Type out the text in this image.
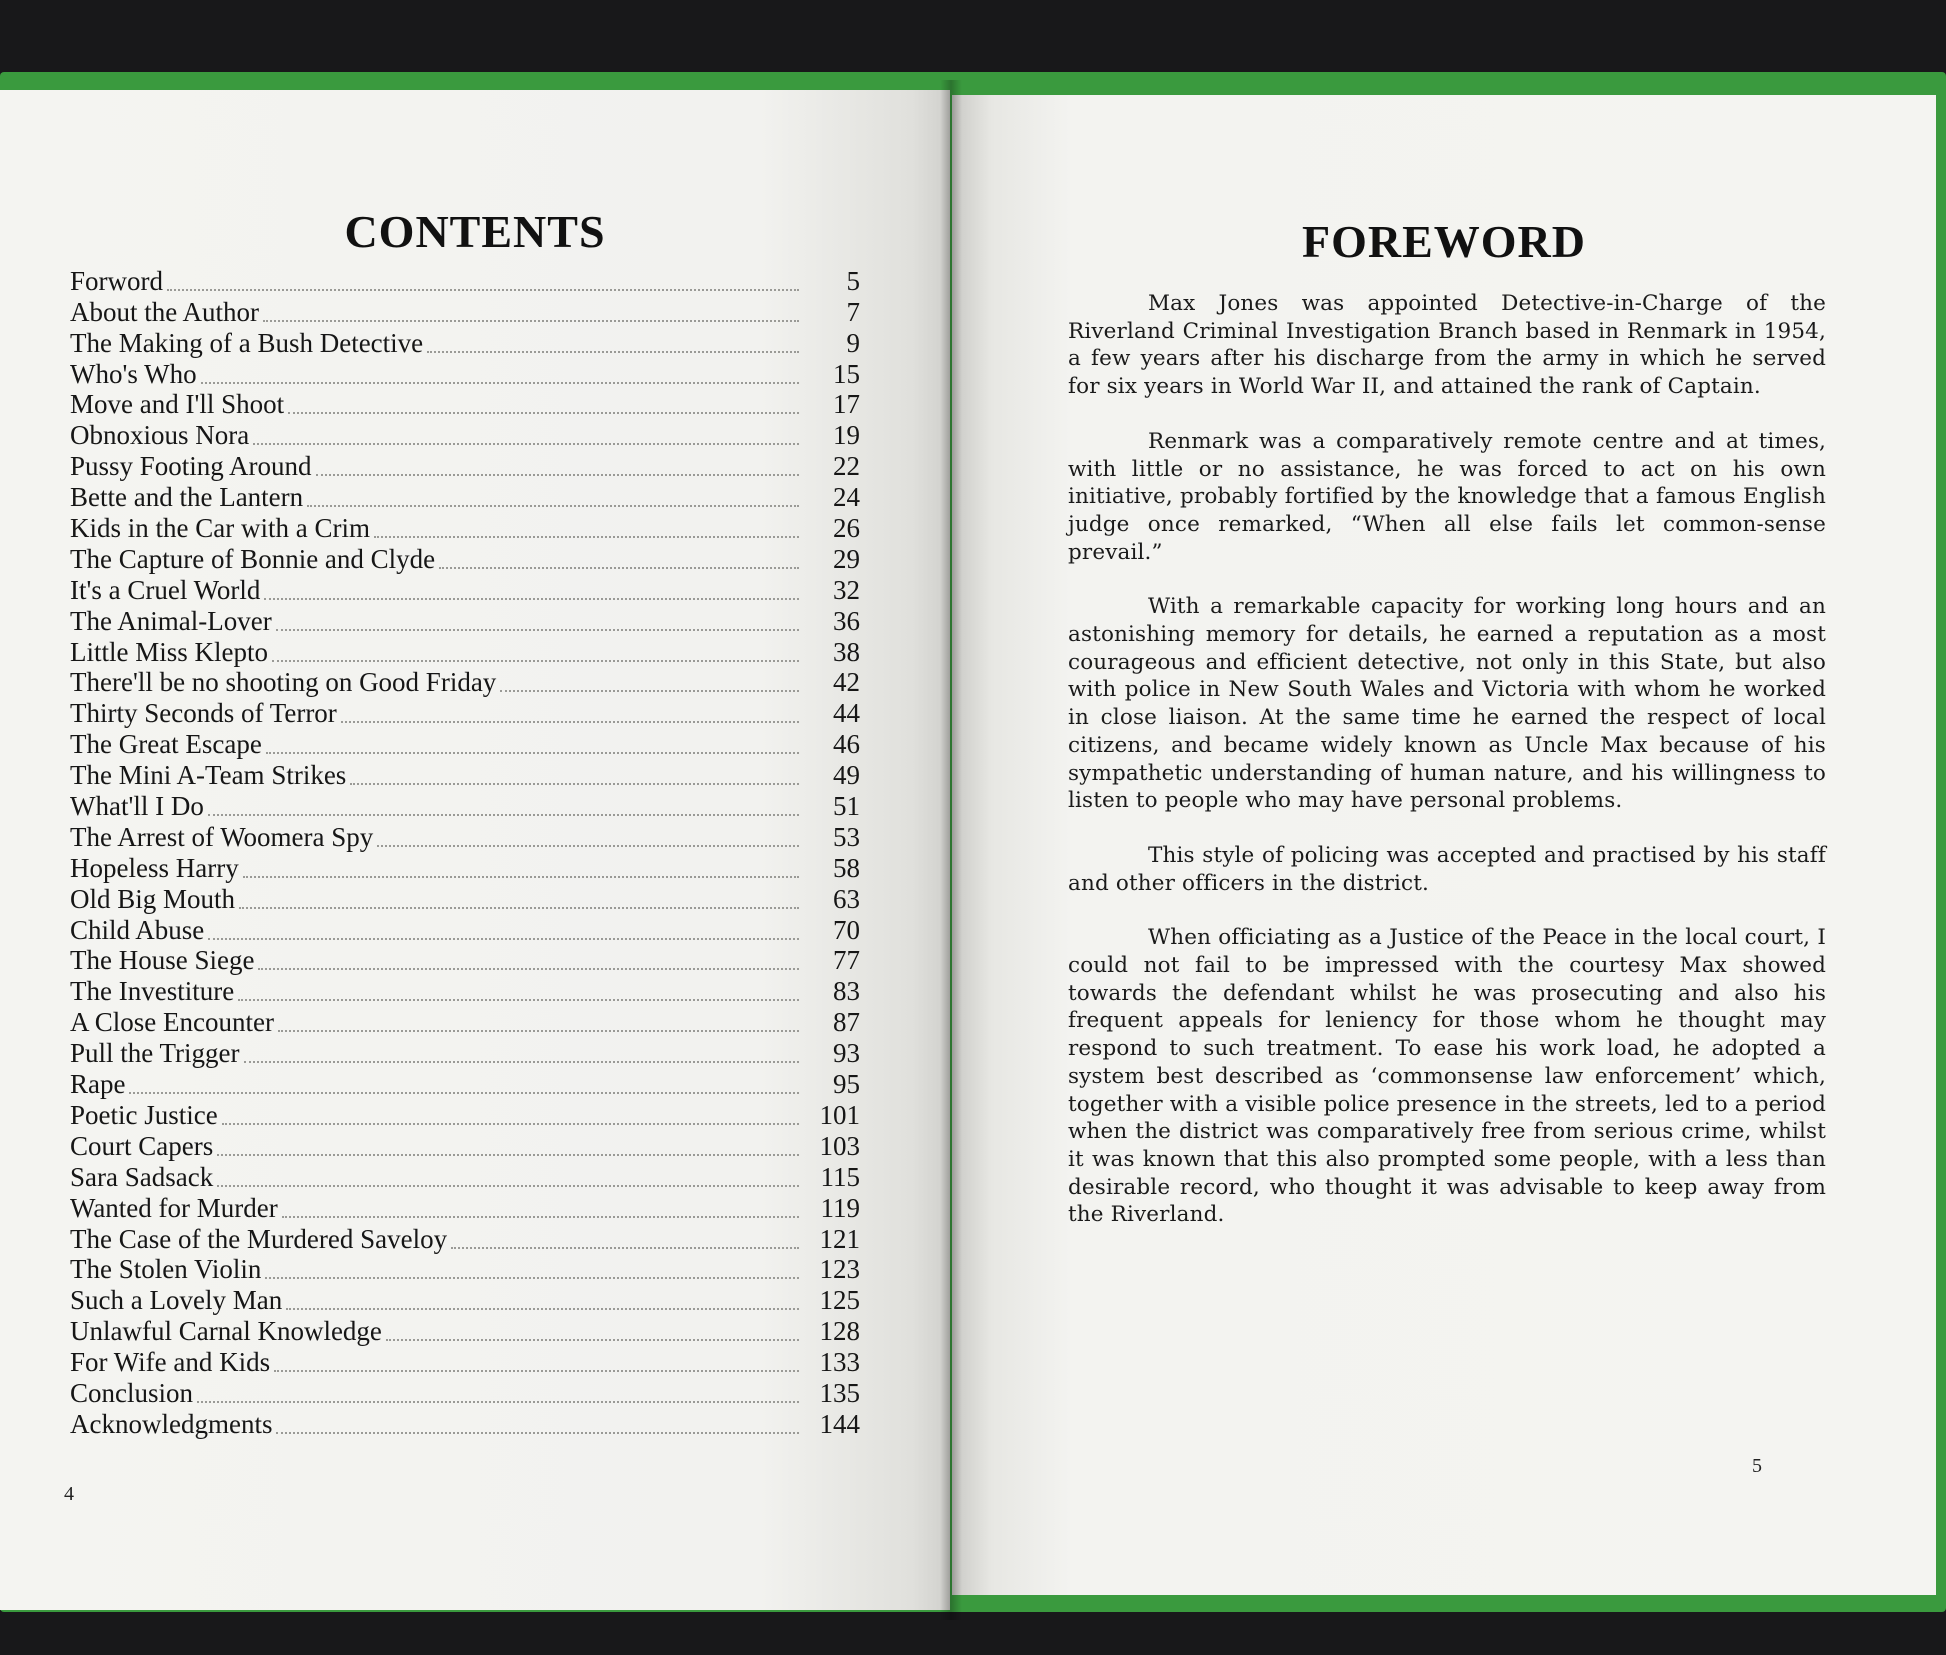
CONTENTS
Forword	5
About the Author	7
The Making of a Bush Detective	9
Who's Who	15
Move and I'll Shoot	17
Obnoxious Nora	19
Pussy Footing Around	22
Bette and the Lantern	24
Kids in the Car with a Crim	26
The Capture of Bonnie and Clyde	29
It's a Cruel World	32
The Animal-Lover	36
Little Miss Klepto	38
There'll be no shooting on Good Friday	42
Thirty Seconds of Terror	44
The Great Escape	46
The Mini A-Team Strikes	49
What'll I Do	51
The Arrest of Woomera Spy	53
Hopeless Harry	58
Old Big Mouth	63
Child Abuse	70
The House Siege	77
The Investiture	83
A Close Encounter	87
Pull the Trigger	93
Rape	95
Poetic Justice	101
Court Capers	103
Sara Sadsack	115
Wanted for Murder	119
The Case of the Murdered Saveloy	121
The Stolen Violin	123
Such a Lovely Man	125
Unlawful Carnal Knowledge	128
For Wife and Kids	133
Conclusion	135
Acknowledgments	144
4
FOREWORD

Max Jones was appointed Detective-in-Charge of the Riverland Criminal Investigation Branch based in Renmark in 1954, a few years after his discharge from the army in which he served for six years in World War II, and attained the rank of Captain.

Renmark was a comparatively remote centre and at times, with little or no assistance, he was forced to act on his own initiative, probably fortified by the knowledge that a famous English judge once remarked, “When all else fails let common-sense prevail.”

With a remarkable capacity for working long hours and an astonishing memory for details, he earned a reputation as a most courageous and efficient detective, not only in this State, but also with police in New South Wales and Victoria with whom he worked in close liaison. At the same time he earned the respect of local citizens, and became widely known as Uncle Max because of his sympathetic understanding of human nature, and his willingness to listen to people who may have personal problems.

This style of policing was accepted and practised by his staff and other officers in the district.

When officiating as a Justice of the Peace in the local court, I could not fail to be impressed with the courtesy Max showed towards the defendant whilst he was prosecuting and also his frequent appeals for leniency for those whom he thought may respond to such treatment. To ease his work load, he adopted a system best described as ‘commonsense law enforcement’ which, together with a visible police presence in the streets, led to a period when the district was comparatively free from serious crime, whilst it was known that this also prompted some people, with a less than desirable record, who thought it was advisable to keep away from the Riverland.

5
